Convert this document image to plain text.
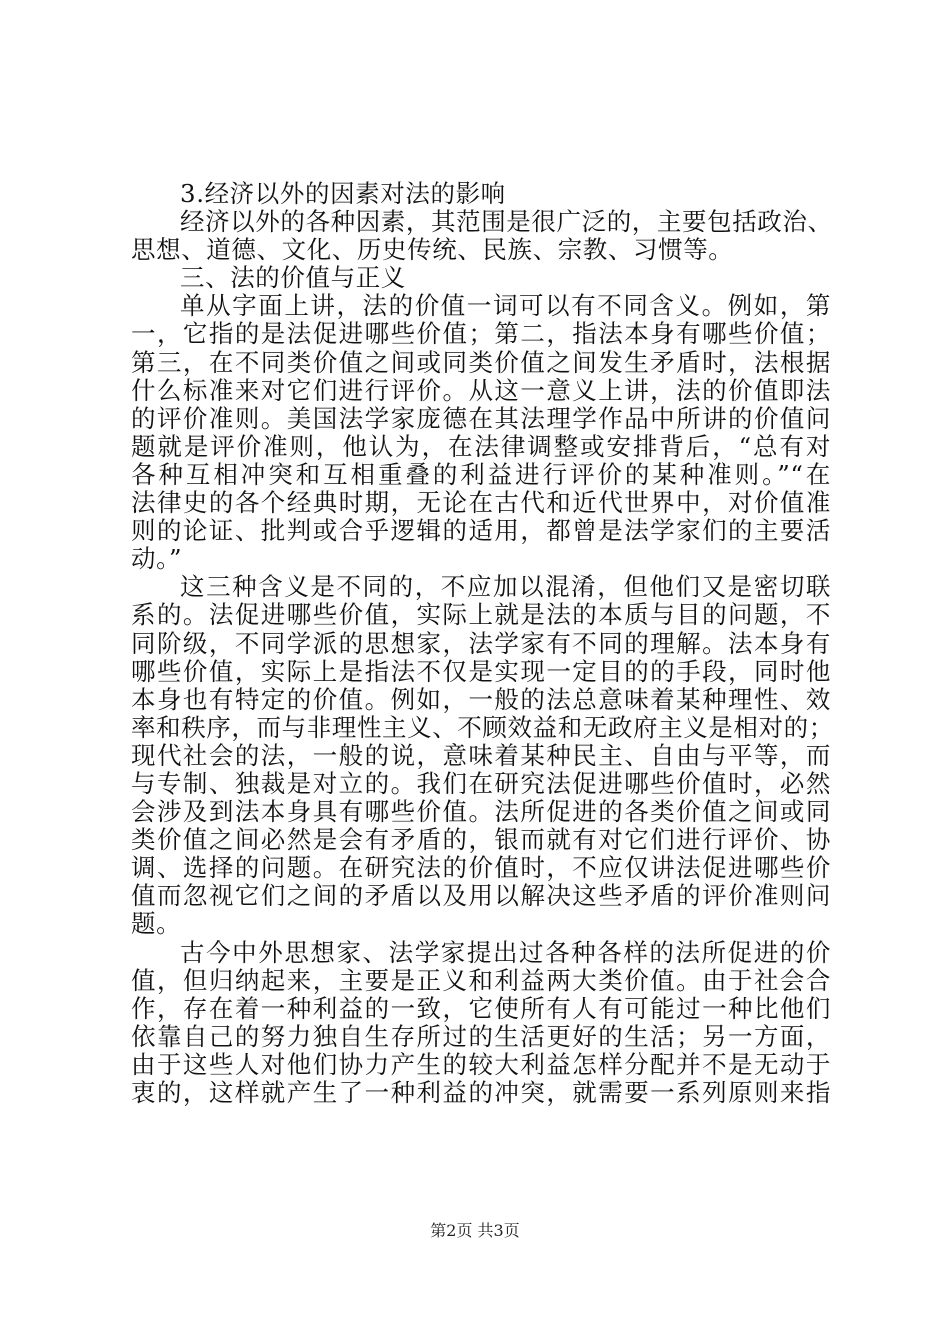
3.经济以外的因素对法的影响
经济以外的各种因素，其范围是很广泛的，主要包括政治、
思想、道德、文化、历史传统、民族、宗教、习惯等。
三、法的价值与正义
单从字面上讲，法的价值一词可以有不同含义。例如，第
一，它指的是法促进哪些价值；第二，指法本身有哪些价值；
第三，在不同类价值之间或同类价值之间发生矛盾时，法根据
什么标准来对它们进行评价。从这一意义上讲，法的价值即法
的评价准则。美国法学家庞德在其法理学作品中所讲的价值问
题就是评价准则，他认为，在法律调整或安排背后，“总有对
各种互相冲突和互相重叠的利益进行评价的某种准则。”“在
法律史的各个经典时期，无论在古代和近代世界中，对价值准
则的论证、批判或合乎逻辑的适用，都曾是法学家们的主要活
动。”
这三种含义是不同的，不应加以混淆，但他们又是密切联
系的。法促进哪些价值，实际上就是法的本质与目的问题，不
同阶级，不同学派的思想家，法学家有不同的理解。法本身有
哪些价值，实际上是指法不仅是实现一定目的的手段，同时他
本身也有特定的价值。例如，一般的法总意味着某种理性、效
率和秩序，而与非理性主义、不顾效益和无政府主义是相对的；
现代社会的法，一般的说，意味着某种民主、自由与平等，而
与专制、独裁是对立的。我们在研究法促进哪些价值时，必然
会涉及到法本身具有哪些价值。法所促进的各类价值之间或同
类价值之间必然是会有矛盾的，银而就有对它们进行评价、协
调、选择的问题。在研究法的价值时，不应仅讲法促进哪些价
值而忽视它们之间的矛盾以及用以解决这些矛盾的评价准则问
题。
古今中外思想家、法学家提出过各种各样的法所促进的价
值，但归纳起来，主要是正义和利益两大类价值。由于社会合
作，存在着一种利益的一致，它使所有人有可能过一种比他们
依靠自己的努力独自生存所过的生活更好的生活；另一方面，
由于这些人对他们协力产生的较大利益怎样分配并不是无动于
衷的，这样就产生了一种利益的冲突，就需要一系列原则来指
第2页 共3页
